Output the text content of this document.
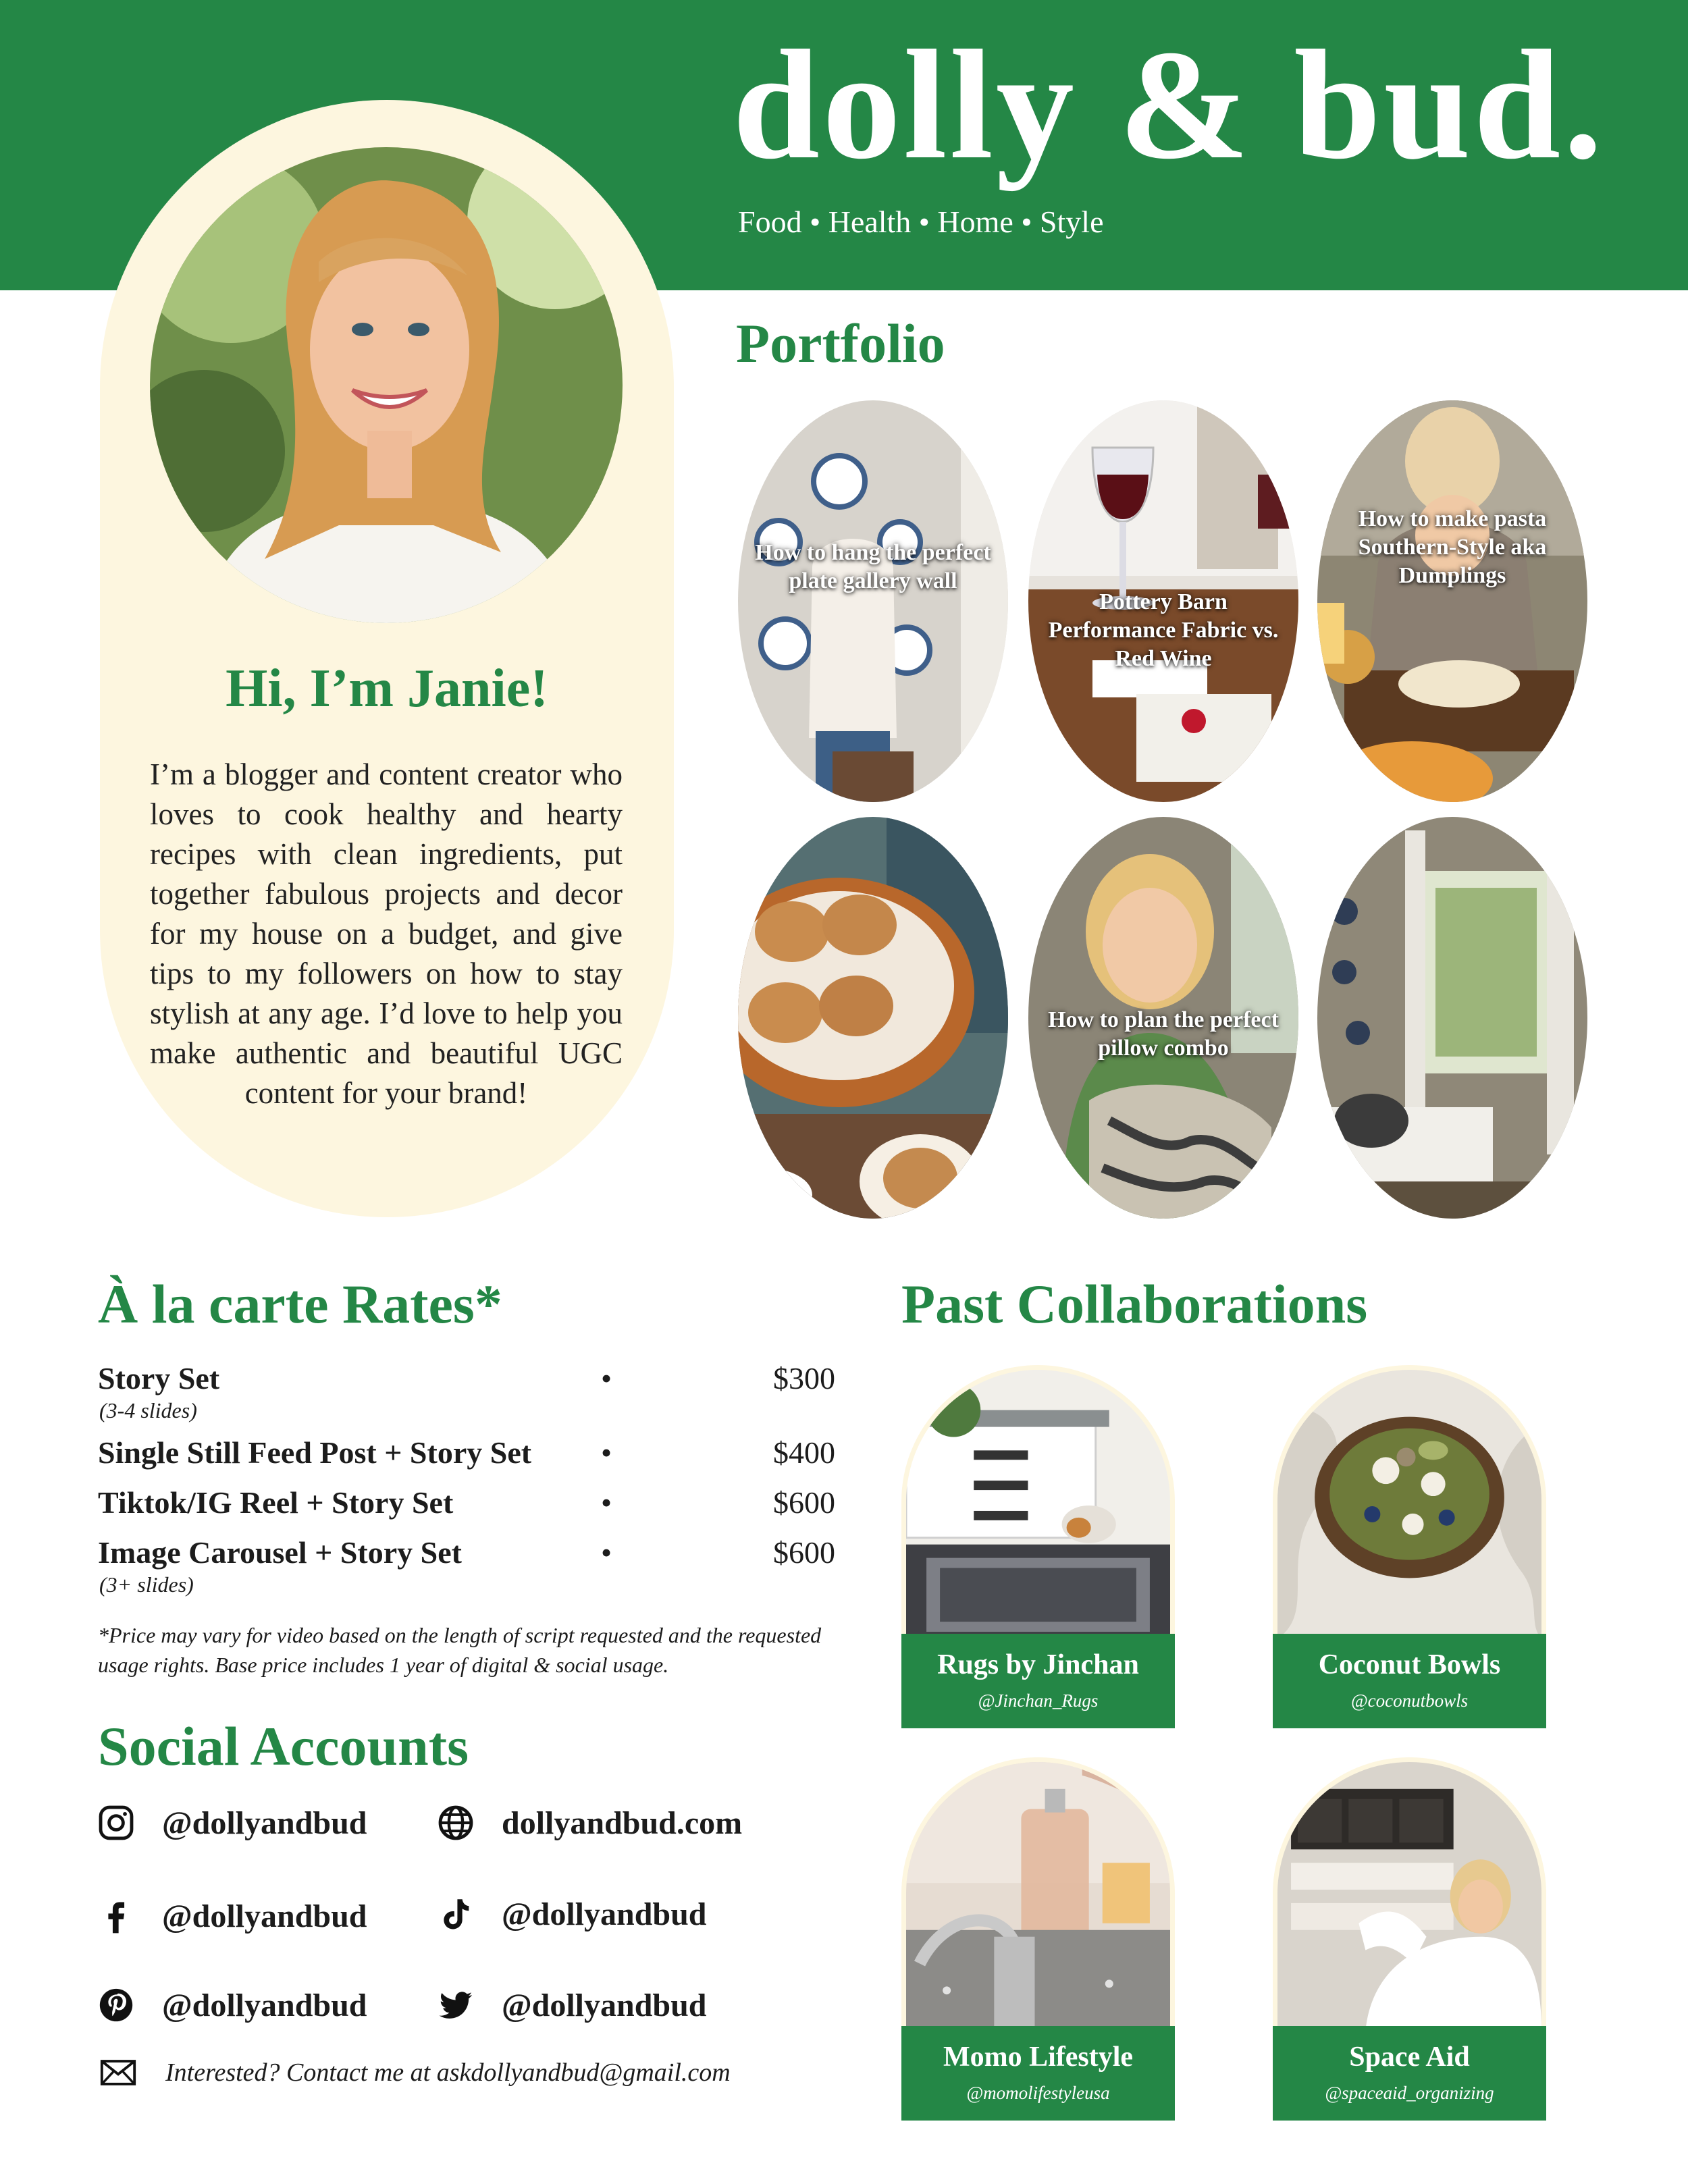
dolly & bud.
Food • Health • Home • Style
Hi, I’m Janie!
I’m a blogger and content creator who loves to cook healthy and hearty recipes with clean ingredients, put together fabulous projects and decor for my house on a budget, and give tips to my followers on how to stay stylish at any age. I’d love to help you make authentic and beautiful UGC content for your brand!
Portfolio
How to hang the perfect plate gallery wall
Pottery Barn Performance Fabric vs. Red Wine
How to make pasta Southern-Style aka Dumplings
How to plan the perfect pillow combo
À la carte Rates*
Story Set
(3-4 slides)
•	$300
Single Still Feed Post + Story Set •	$400
Tiktok/IG Reel + Story Set	•	$600
Image Carousel + Story Set
(3+ slides)
•	$600
*Price may vary for video based on the length of script requested and the requested usage rights. Base price includes 1 year of digital & social usage.
Social Accounts
@dollyandbud	dollyandbud.com
@dollyandbud	@dollyandbud
@dollyandbud	@dollyandbud
Interested? Contact me at askdollyandbud@gmail.com
Past Collaborations
Rugs by Jinchan
@Jinchan_Rugs
Coconut Bowls
@coconutbowls
Momo Lifestyle
@momolifestyleusa
Space Aid
@spaceaid_organizing
